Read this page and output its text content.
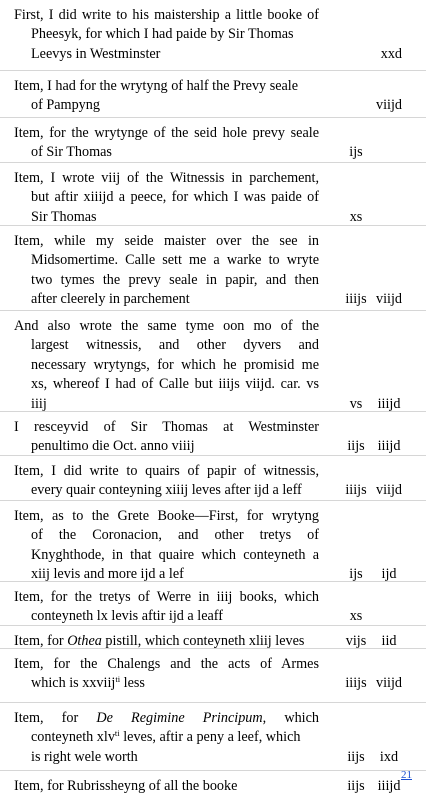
First, I did write to his maistership a little booke of
Pheesyk, for which I had paide by Sir Thomas
Leevys in Westminster	xxd
Item, I had for the wrytyng of half the Prevy seale
of Pampyng	viijd
Item, for the wrytynge of the seid hole prevy seale
of Sir Thomas	ijs
Item, I wrote viij of the Witnessis in parchement,
but aftir xiiijd a peece, for which I was paide of
Sir Thomas	xs
Item, while my seide maister over the see in
Midsomertime. Calle sett me a warke to wryte
two tymes the prevy seale in papir, and then
after cleerely in parchement	iiijs viijd
And also wrote the same tyme oon mo of the
largest witnessis, and other dyvers and
necessary wrytyngs, for which he promisid me
xs, whereof I had of Calle but iiijs viijd. car. vs
iiij	vs	iiijd
I resceyvid of Sir Thomas at Westminster
penultimo die Oct. anno viiij	iijs iiijd
Item, I did write to quairs of papir of witnessis,
every quair conteyning xiiij leves after ijd a leff	iiijs viijd
Item, as to the Grete Booke—First, for wrytyng
of the Coronacion, and other tretys of
Knyghthode, in that quaire which conteyneth a
xiij levis and more ijd a lef	ijs	ijd
Item, for the tretys of Werre in iiij books, which
conteyneth lx levis aftir ijd a leaff	xs
Item, for Othea pistill, which conteyneth xliij leves	vijs	iid
Item, for the Chalengs and the acts of Armes
which is xxviij$^{ti}$ less	iiijs viijd
Item, for De Regimine Principum, which
conteyneth xlv$^{ti}$ leves, aftir a peny a leef, which
is right wele worth	iijs	ixd
Item, for Rubrissheyng of all the booke	iijs iiijd
21
